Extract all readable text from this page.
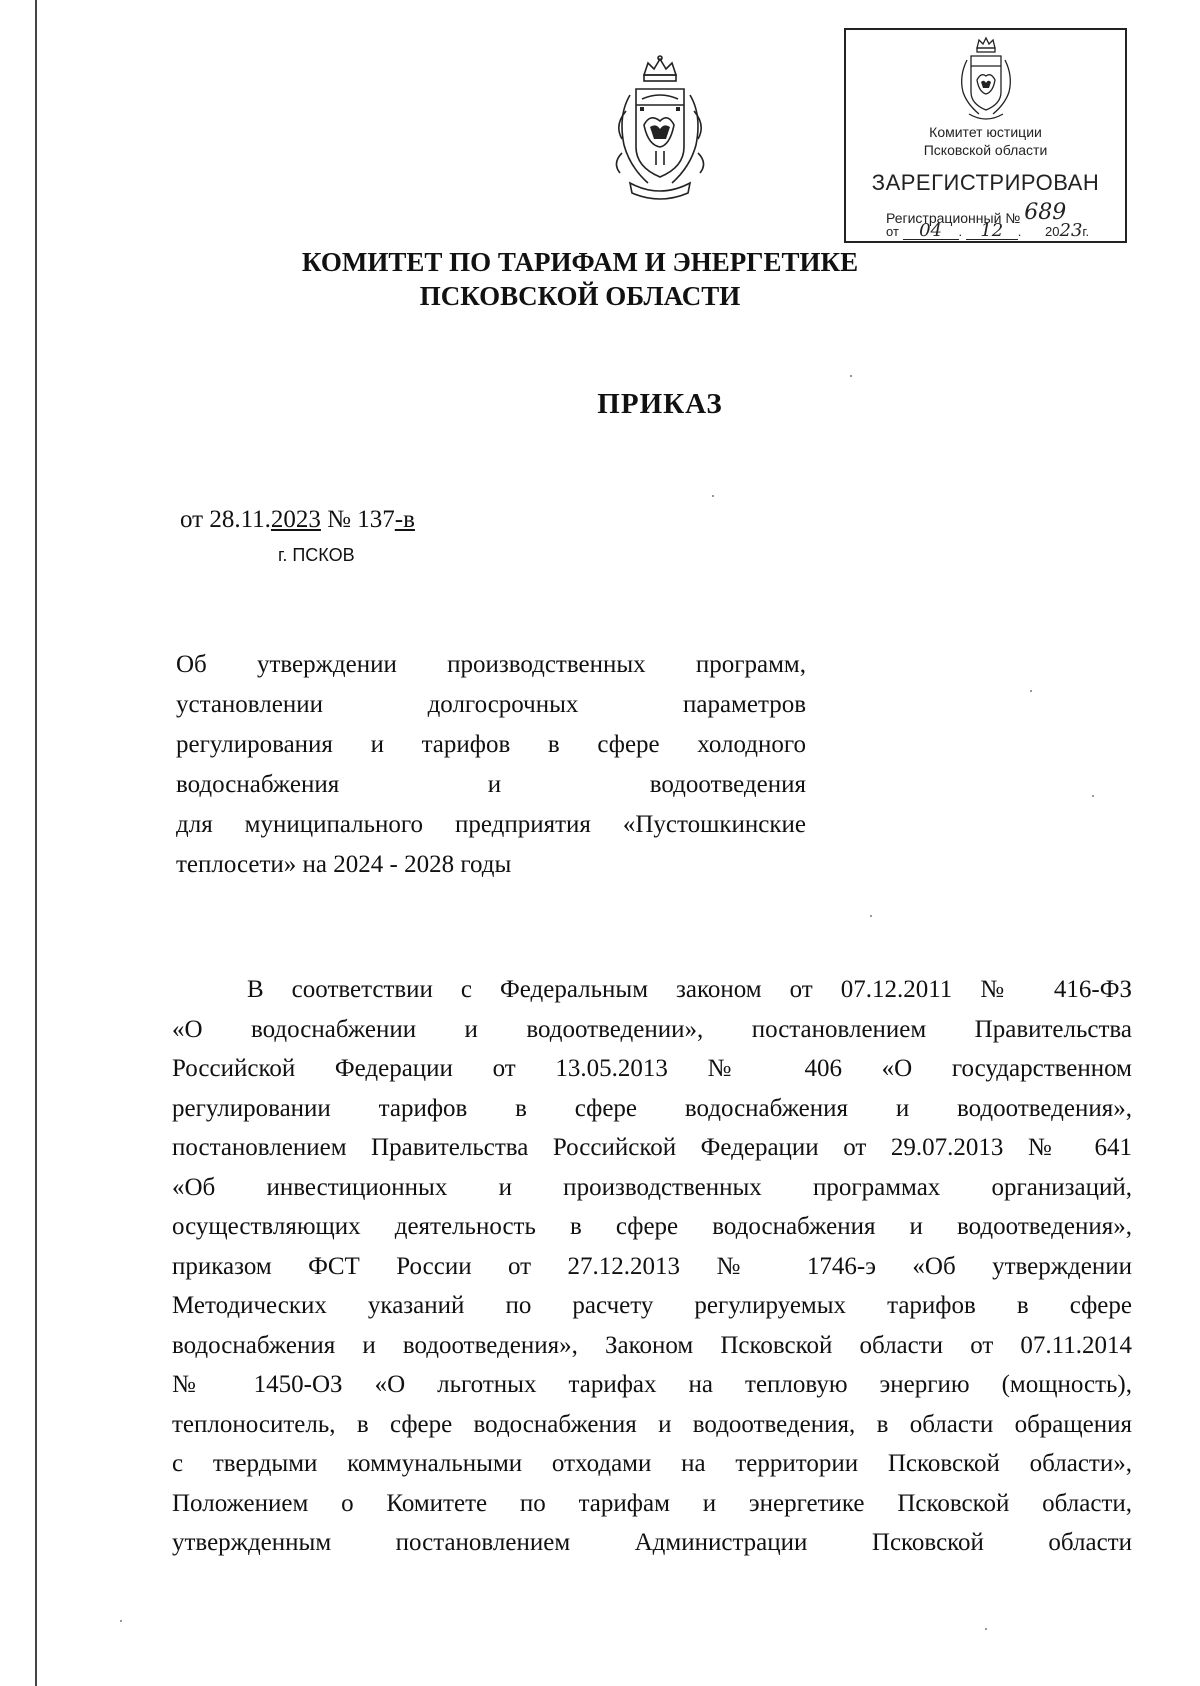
Комитет юстиции
Псковской области
ЗАРЕГИСТРИРОВАН
Регистрационный № 689
от 04 . 12 . 2023г.
КОМИТЕТ ПО ТАРИФАМ И ЭНЕРГЕТИКЕ
ПСКОВСКОЙ ОБЛАСТИ
ПРИКАЗ
от 28.11.2023 № 137-в
г. ПСКОВ
Об утверждении производственных программ,
установлении долгосрочных параметров
регулирования и тарифов в сфере холодного
водоснабжения и водоотведения
для муниципального предприятия «Пустошкинские
теплосети» на 2024 - 2028 годы
В соответствии с Федеральным законом от 07.12.2011 № 416-ФЗ
«О водоснабжении и водоотведении», постановлением Правительства
Российской Федерации от 13.05.2013 № 406 «О государственном
регулировании тарифов в сфере водоснабжения и водоотведения»,
постановлением Правительства Российской Федерации от 29.07.2013 № 641
«Об инвестиционных и производственных программах организаций,
осуществляющих деятельность в сфере водоснабжения и водоотведения»,
приказом ФСТ России от 27.12.2013 № 1746-э «Об утверждении
Методических указаний по расчету регулируемых тарифов в сфере
водоснабжения и водоотведения», Законом Псковской области от 07.11.2014
№ 1450-ОЗ «О льготных тарифах на тепловую энергию (мощность),
теплоноситель, в сфере водоснабжения и водоотведения, в области обращения
с твердыми коммунальными отходами на территории Псковской области»,
Положением о Комитете по тарифам и энергетике Псковской области,
утвержденным постановлением Администрации Псковской области
